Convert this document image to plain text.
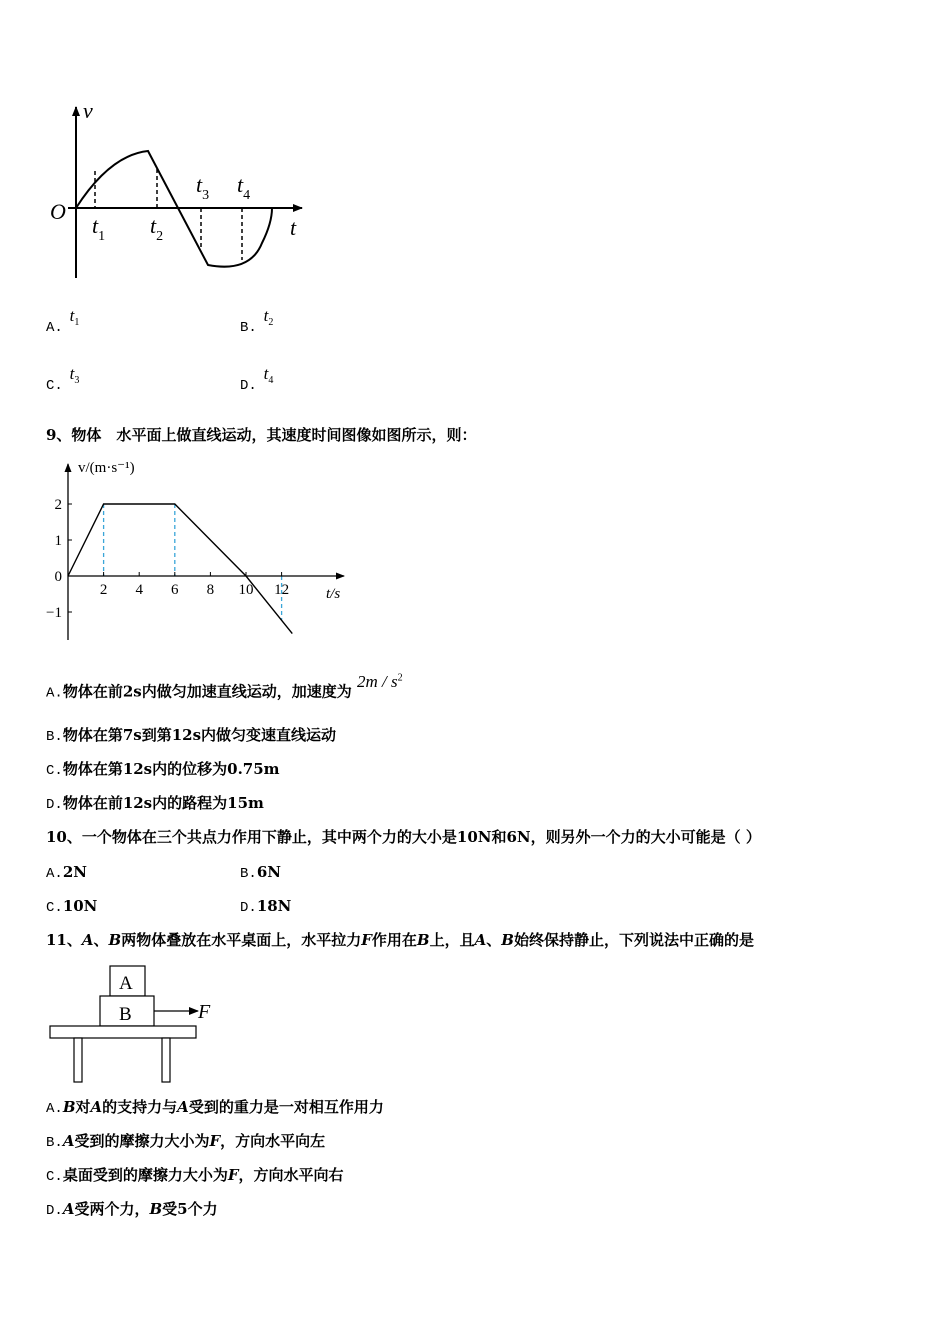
v
t
O
$t_1$ $t_2$
$t_3$ $t_4$
A. $t_1$	B. $t_2$
C. $t_3$	D. $t_4$
9、物体　水平面上做直线运动，其速度时间图像如图所示，则：
2 4 6 8 10 12
2
1
0
−1
v/(m·s⁻¹)
t/s
A.物体在前2s内做匀加速直线运动，加速度为 $2m / s^2$
B.物体在第7s到第12s内做匀变速直线运动
C.物体在第12s内的位移为0.75m
D.物体在前12s内的路程为15m
10、一个物体在三个共点力作用下静止，其中两个力的大小是10N和6N，则另外一个力的大小可能是（ ）
A.2N	B.6N
C.10N	D.18N
11、A、B两物体叠放在水平桌面上，水平拉力F作用在B上，且A、B始终保持静止，下列说法中正确的是
A
B	F
A.B对A的支持力与A受到的重力是一对相互作用力
B.A受到的摩擦力大小为F，方向水平向左
C.桌面受到的摩擦力大小为F，方向水平向右
D.A受两个力，B受5个力
